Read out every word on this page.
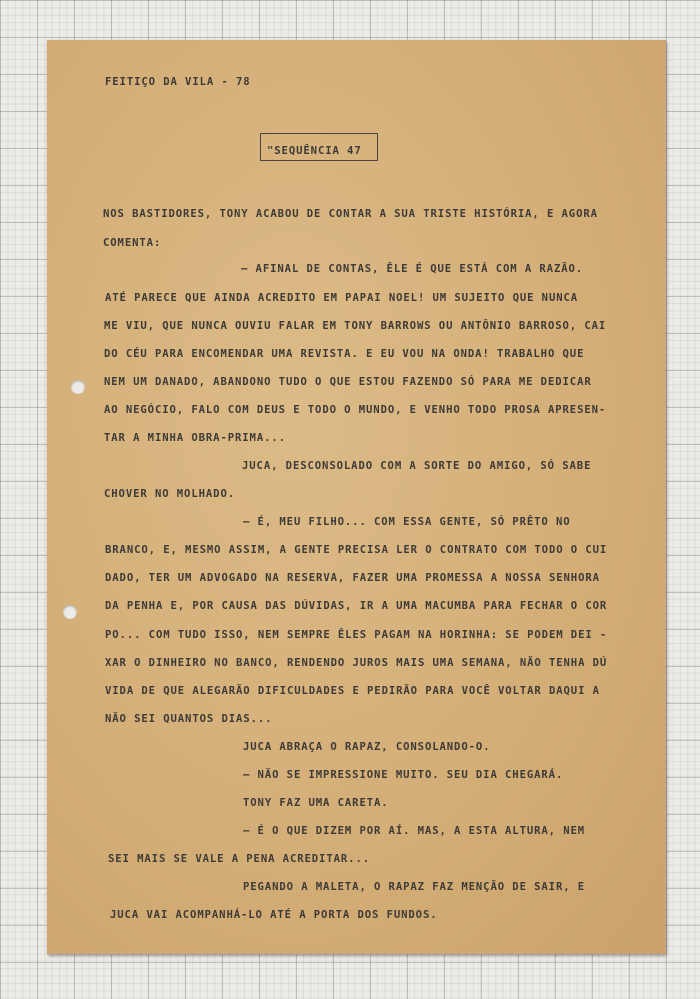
FEITIÇO DA VILA - 78
"SEQUÊNCIA 47
NOS BASTIDORES, TONY ACABOU DE CONTAR A SUA TRISTE HISTÓRIA, E AGORA
COMENTA:
— AFINAL DE CONTAS, ÊLE É QUE ESTÁ COM A RAZÃO.
ATÉ PARECE QUE AINDA ACREDITO EM PAPAI NOEL! UM SUJEITO QUE NUNCA
ME VIU, QUE NUNCA OUVIU FALAR EM TONY BARROWS OU ANTÔNIO BARROSO, CAI
DO CÉU PARA ENCOMENDAR UMA REVISTA. E EU VOU NA ONDA! TRABALHO QUE
NEM UM DANADO, ABANDONO TUDO O QUE ESTOU FAZENDO SÓ PARA ME DEDICAR
AO NEGÓCIO, FALO COM DEUS E TODO O MUNDO, E VENHO TODO PROSA APRESEN-
TAR A MINHA OBRA-PRIMA...
JUCA, DESCONSOLADO COM A SORTE DO AMIGO, SÓ SABE
CHOVER NO MOLHADO.
— É, MEU FILHO... COM ESSA GENTE, SÓ PRÊTO NO
BRANCO, E, MESMO ASSIM, A GENTE PRECISA LER O CONTRATO COM TODO O CUI
DADO, TER UM ADVOGADO NA RESERVA, FAZER UMA PROMESSA A NOSSA SENHORA
DA PENHA E, POR CAUSA DAS DÚVIDAS, IR A UMA MACUMBA PARA FECHAR O COR
PO... COM TUDO ISSO, NEM SEMPRE ÊLES PAGAM NA HORINHA: SE PODEM DEI -
XAR O DINHEIRO NO BANCO, RENDENDO JUROS MAIS UMA SEMANA, NÃO TENHA DÚ
VIDA DE QUE ALEGARÃO DIFICULDADES E PEDIRÃO PARA VOCÊ VOLTAR DAQUI A
NÃO SEI QUANTOS DIAS...
JUCA ABRAÇA O RAPAZ, CONSOLANDO-O.
— NÃO SE IMPRESSIONE MUITO. SEU DIA CHEGARÁ.
TONY FAZ UMA CARETA.
— É O QUE DIZEM POR AÍ. MAS, A ESTA ALTURA, NEM
SEI MAIS SE VALE A PENA ACREDITAR...
PEGANDO A MALETA, O RAPAZ FAZ MENÇÃO DE SAIR, E
JUCA VAI ACOMPANHÁ-LO ATÉ A PORTA DOS FUNDOS.
